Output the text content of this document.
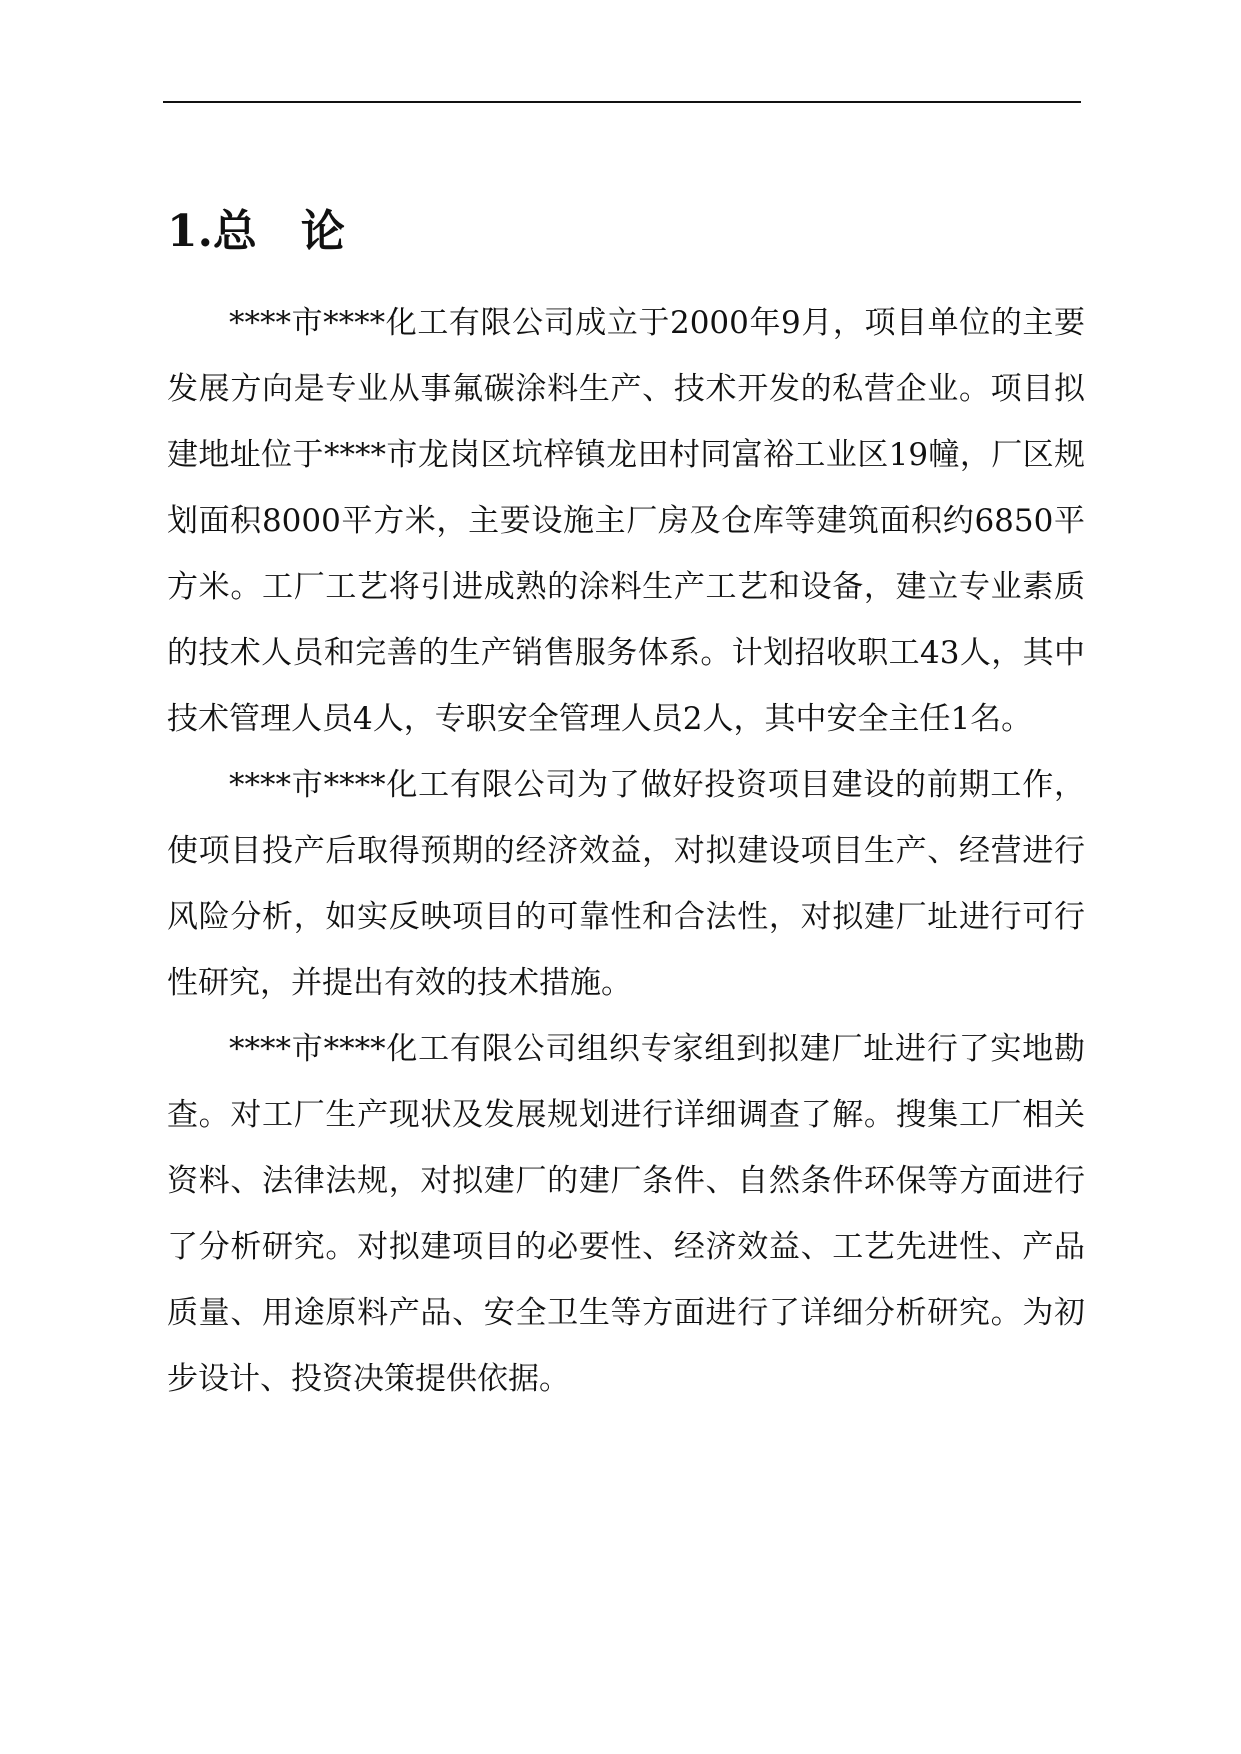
1.总　论

****市****化工有限公司成立于2000年9月，项目单位的主要发展方向是专业从事氟碳涂料生产、技术开发的私营企业。项目拟建地址位于****市龙岗区坑梓镇龙田村同富裕工业区19幢，厂区规划面积8000平方米，主要设施主厂房及仓库等建筑面积约6850平方米。工厂工艺将引进成熟的涂料生产工艺和设备，建立专业素质的技术人员和完善的生产销售服务体系。计划招收职工43人，其中技术管理人员4人，专职安全管理人员2人，其中安全主任1名。

****市****化工有限公司为了做好投资项目建设的前期工作，使项目投产后取得预期的经济效益，对拟建设项目生产、经营进行风险分析，如实反映项目的可靠性和合法性，对拟建厂址进行可行性研究，并提出有效的技术措施。

****市****化工有限公司组织专家组到拟建厂址进行了实地勘查。对工厂生产现状及发展规划进行详细调查了解。搜集工厂相关资料、法律法规，对拟建厂的建厂条件、自然条件环保等方面进行了分析研究。对拟建项目的必要性、经济效益、工艺先进性、产品质量、用途原料产品、安全卫生等方面进行了详细分析研究。为初步设计、投资决策提供依据。
